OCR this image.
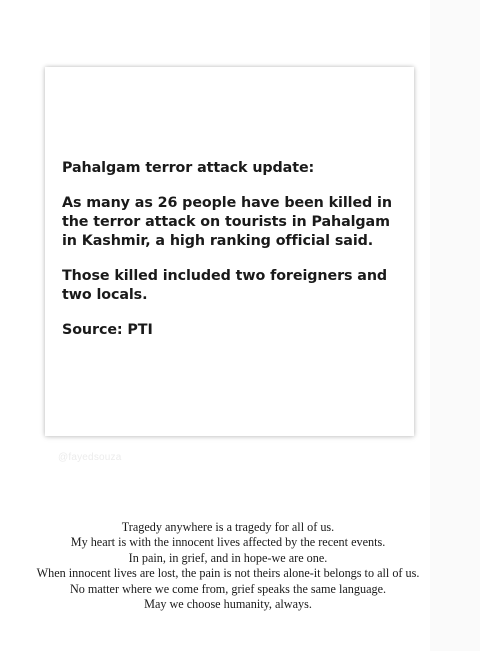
Pahalgam terror attack update:

As many as 26 people have been killed in the terror attack on tourists in Pahalgam in Kashmir, a high ranking official said.

Those killed included two foreigners and two locals.

Source: PTI

@fayedsouza
Tragedy anywhere is a tragedy for all of us.
My heart is with the innocent lives affected by the recent events.
In pain, in grief, and in hope-we are one.
When innocent lives are lost, the pain is not theirs alone-it belongs to all of us.
No matter where we come from, grief speaks the same language.
May we choose humanity, always.
